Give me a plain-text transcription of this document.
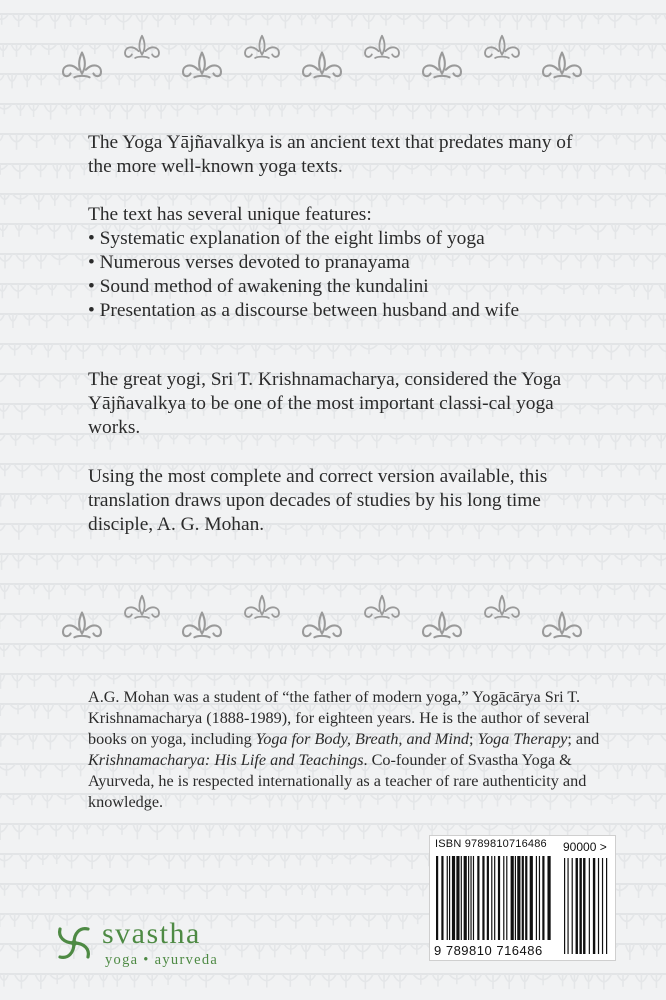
The Yoga Yājñavalkya is an ancient text that predates many of the more well-known yoga texts.

The text has several unique features:

• Systematic explanation of the eight limbs of yoga
• Numerous verses devoted to pranayama
• Sound method of awakening the kundalini
• Presentation as a discourse between husband and wife

The great yogi, Sri T. Krishnamacharya, considered the Yoga Yājñavalkya to be one of the most important classi-cal yoga works.

Using the most complete and correct version available, this translation draws upon decades of studies by his long time disciple, A. G. Mohan.

A.G. Mohan was a student of “the father of modern yoga,” Yogācārya Sri T. Krishnamacharya (1888-1989), for eighteen years. He is the author of several books on yoga, including Yoga for Body, Breath, and Mind; Yoga Therapy; and Krishnamacharya: His Life and Teachings. Co-founder of Svastha Yoga & Ayurveda, he is respected internationally as a teacher of rare authenticity and knowledge.
ISBN 9789810716486 90000 >
9 789810 716486
svastha
yoga • ayurveda
